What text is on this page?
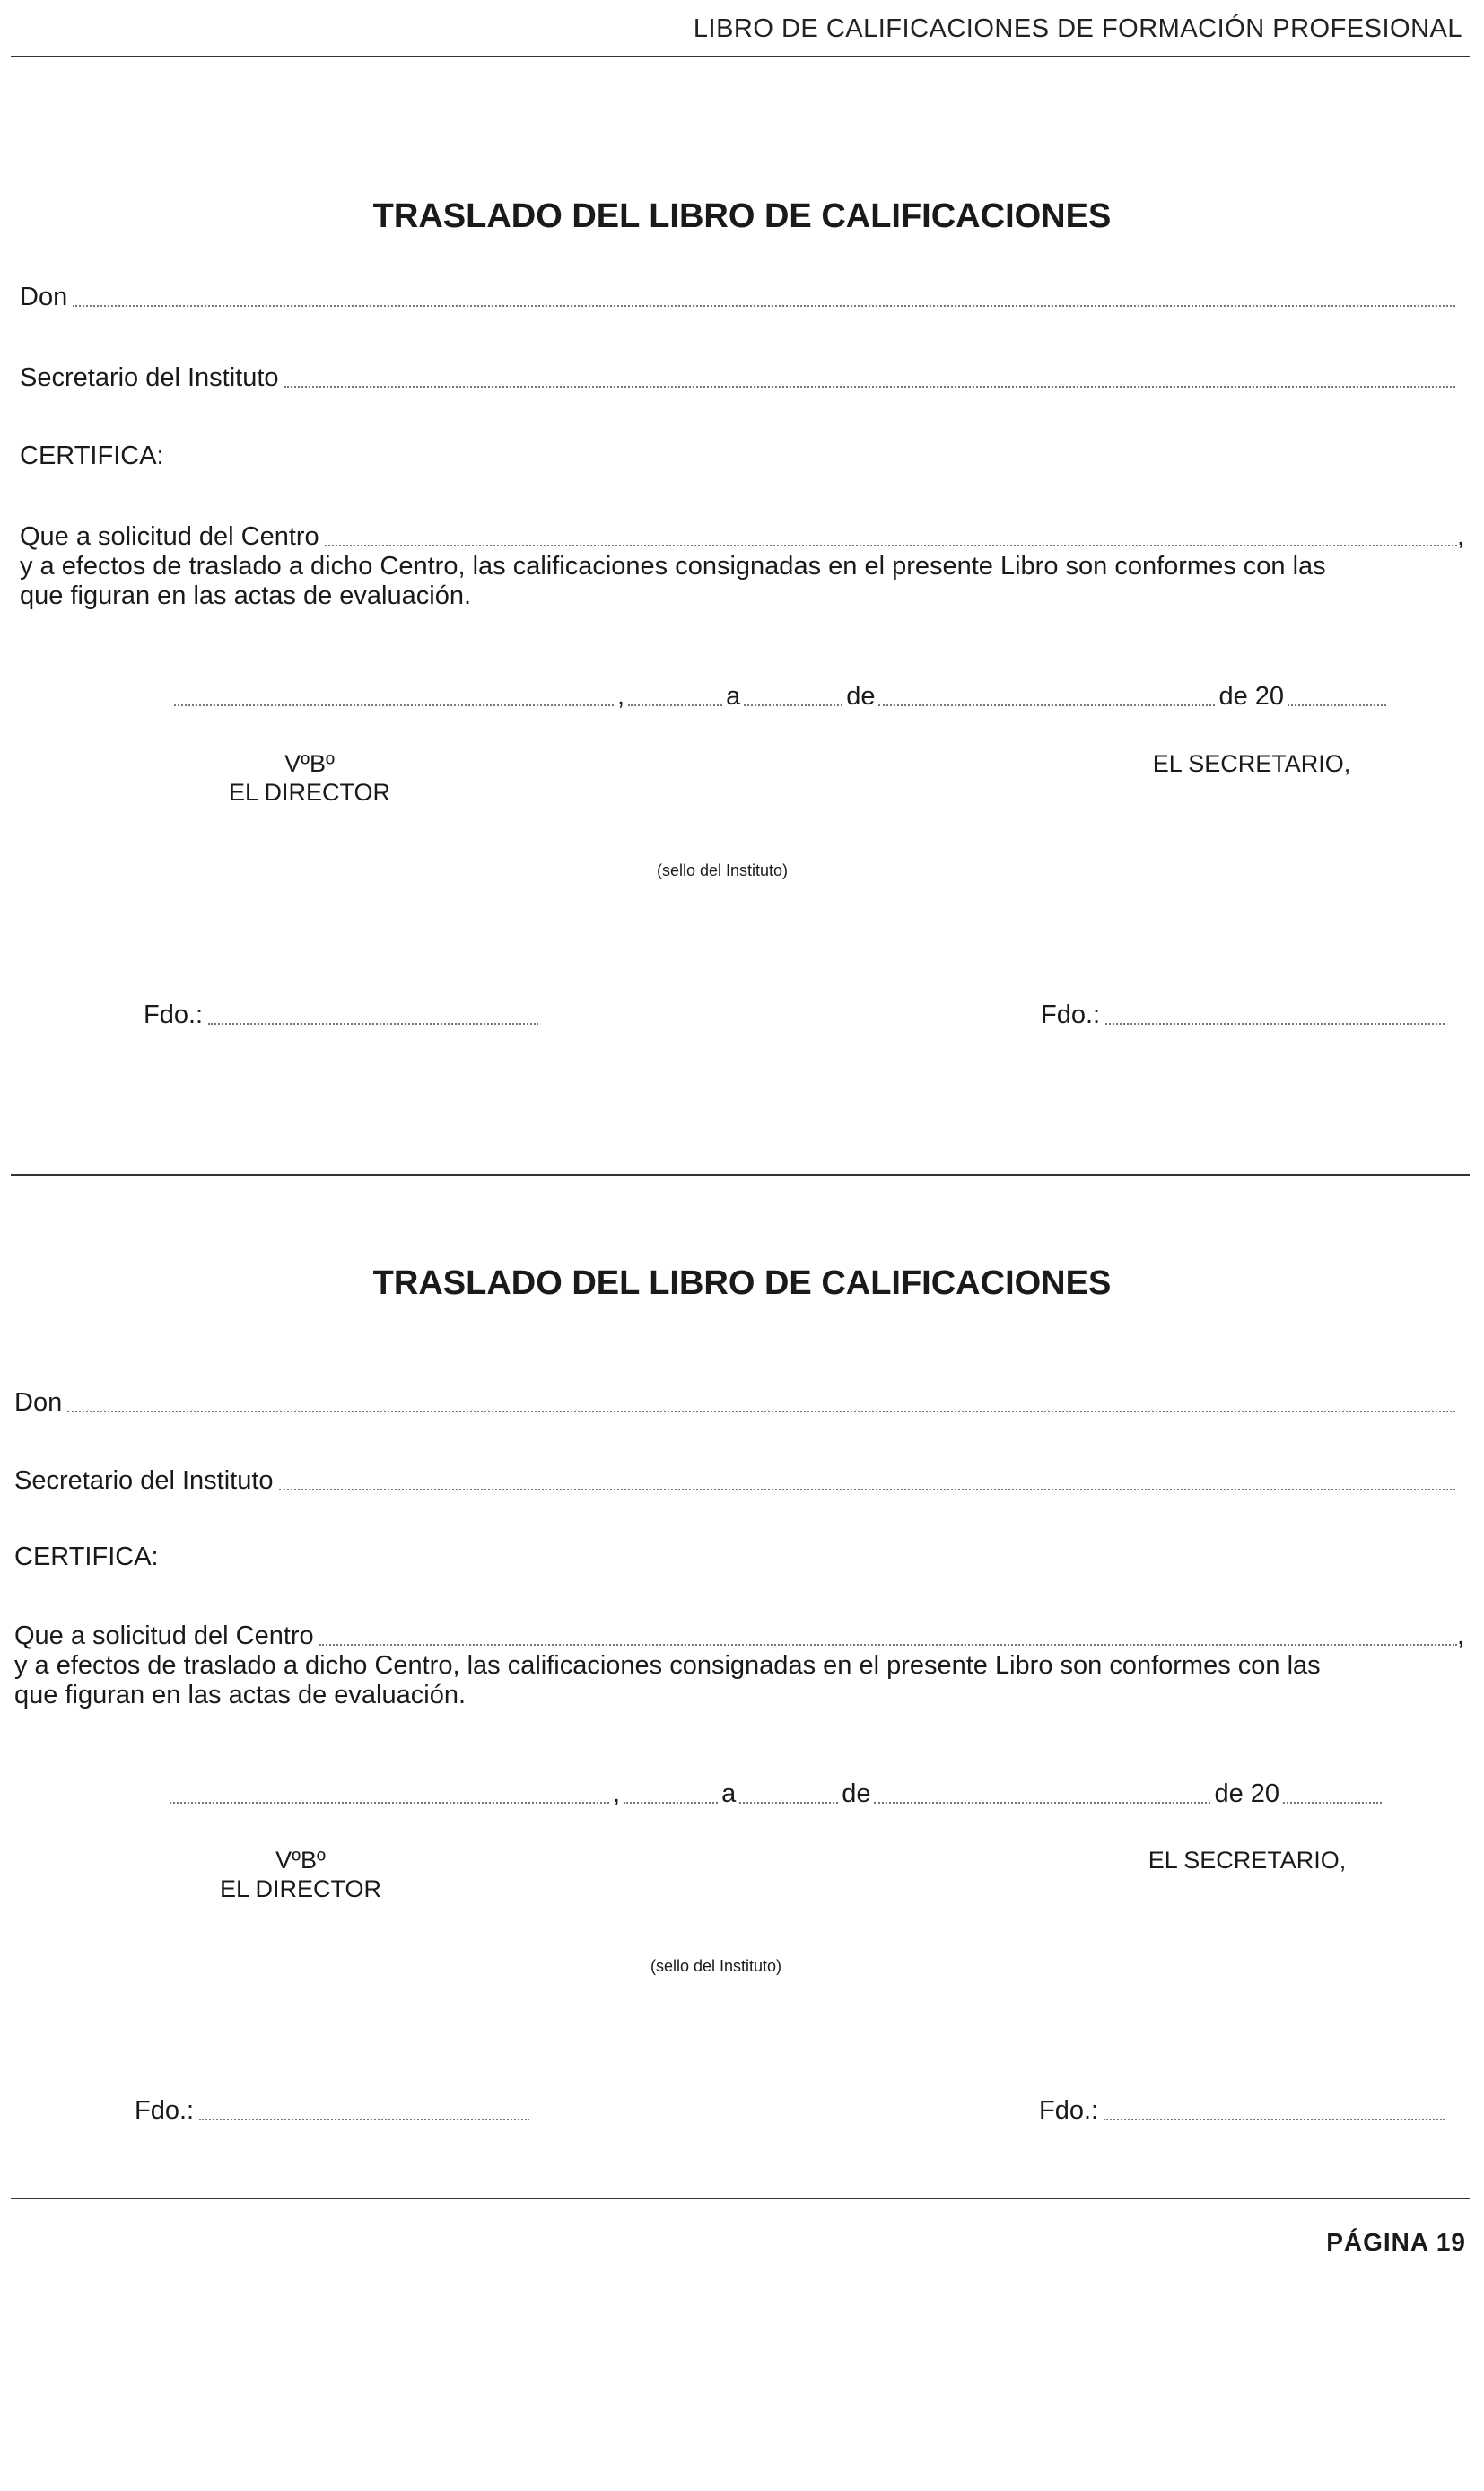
LIBRO DE CALIFICACIONES DE FORMACIÓN PROFESIONAL
TRASLADO DEL LIBRO DE CALIFICACIONES
Don
Secretario del Instituto
CERTIFICA:
Que a solicitud del Centro	,
y a efectos de traslado a dicho Centro, las calificaciones consignadas en el presente Libro son conformes con las
que figuran en las actas de evaluación.
,	a	de	de 20
VºBº
EL DIRECTOR
EL SECRETARIO,
(sello del Instituto)
Fdo.:	Fdo.:
TRASLADO DEL LIBRO DE CALIFICACIONES
Don
Secretario del Instituto
CERTIFICA:
Que a solicitud del Centro	,
y a efectos de traslado a dicho Centro, las calificaciones consignadas en el presente Libro son conformes con las
que figuran en las actas de evaluación.
,	a	de	de 20
VºBº
EL DIRECTOR
EL SECRETARIO,
(sello del Instituto)
Fdo.:	Fdo.:
PÁGINA 19
